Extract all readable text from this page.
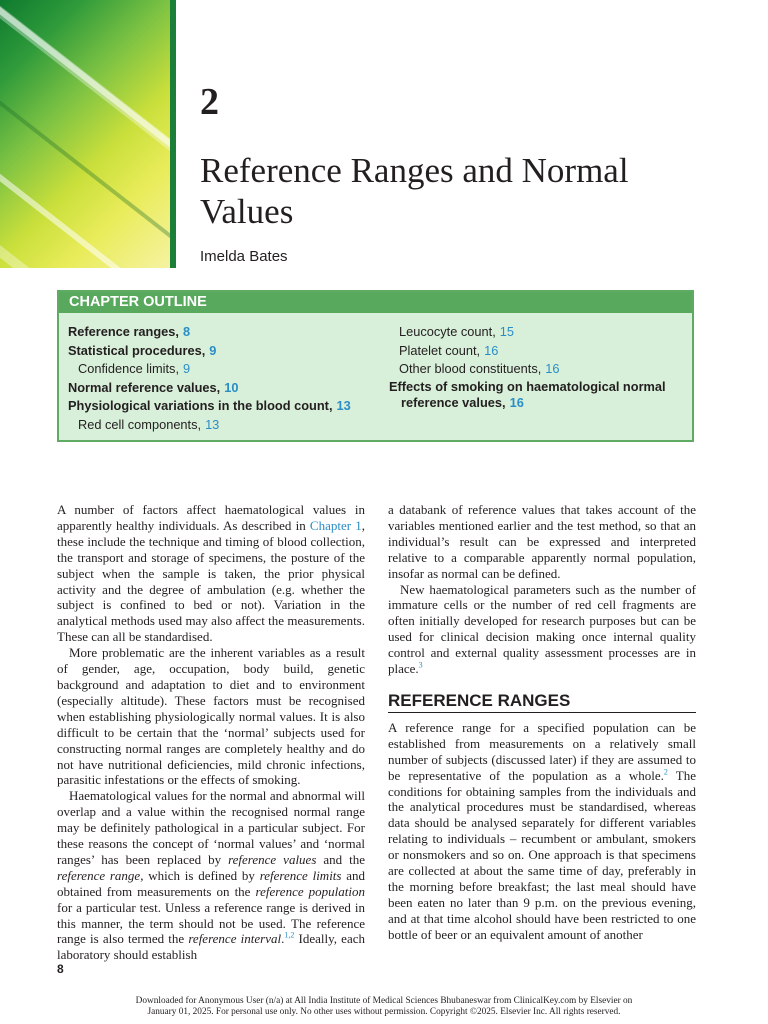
2
Reference Ranges and Normal Values
Imelda Bates
CHAPTER OUTLINE
Reference ranges, 8
Statistical procedures, 9
Confidence limits, 9
Normal reference values, 10
Physiological variations in the blood count, 13
Red cell components, 13
Leucocyte count, 15
Platelet count, 16
Other blood constituents, 16
Effects of smoking on haematological normal
reference values, 16

A number of factors affect haematological values in apparently healthy individuals. As described in Chapter 1, these include the technique and timing of blood collection, the transport and storage of specimens, the posture of the subject when the sample is taken, the prior physical activity and the degree of ambulation (e.g. whether the subject is confined to bed or not). Variation in the analytical methods used may also affect the measurements. These can all be standardised.

More problematic are the inherent variables as a result of gender, age, occupation, body build, genetic background and adaptation to diet and to environment (especially altitude). These factors must be recognised when establishing physiologically normal values. It is also difficult to be certain that the ‘normal’ subjects used for constructing normal ranges are completely healthy and do not have nutritional deficiencies, mild chronic infections, parasitic infestations or the effects of smoking.

Haematological values for the normal and abnormal will overlap and a value within the recognised normal range may be definitely pathological in a particular subject. For these reasons the concept of ‘normal values’ and ‘normal ranges’ has been replaced by reference values and the reference range, which is defined by reference limits and obtained from measurements on the reference population for a particular test. Unless a reference range is derived in this manner, the term should not be used. The reference range is also termed the reference interval.$^{1,2}$ Ideally, each laboratory should establish

a databank of reference values that takes account of the variables mentioned earlier and the test method, so that an individual’s result can be expressed and interpreted relative to a comparable apparently normal population, insofar as normal can be defined.

New haematological parameters such as the number of immature cells or the number of red cell fragments are often initially developed for research purposes but can be used for clinical decision making once internal quality control and external quality assessment processes are in place.$^3$

REFERENCE RANGES

A reference range for a specified population can be established from measurements on a relatively small number of subjects (discussed later) if they are assumed to be representative of the population as a whole.$^2$ The conditions for obtaining samples from the individuals and the analytical procedures must be standardised, whereas data should be analysed separately for different variables relating to individuals – recumbent or ambulant, smokers or nonsmokers and so on. One approach is that specimens are collected at about the same time of day, preferably in the morning before breakfast; the last meal should have been eaten no later than 9 p.m. on the previous evening, and at that time alcohol should have been restricted to one bottle of beer or an equivalent amount of another

8
Downloaded for Anonymous User (n/a) at All India Institute of Medical Sciences Bhubaneswar from ClinicalKey.com by Elsevier on
January 01, 2025. For personal use only. No other uses without permission. Copyright ©2025. Elsevier Inc. All rights reserved.
